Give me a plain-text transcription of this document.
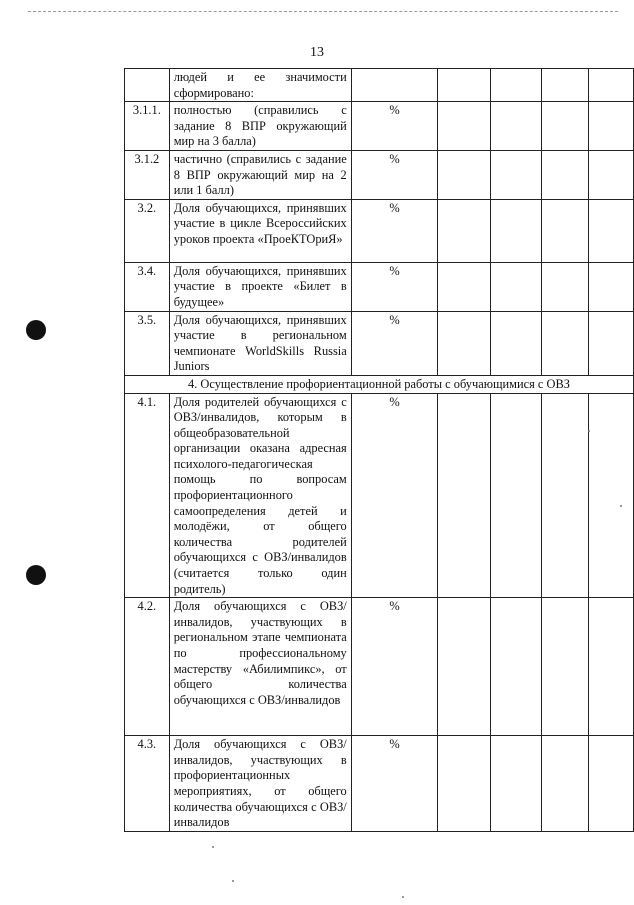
13
	людей и ее значимости сформировано:					
3.1.1.	полностью (справились с задание 8 ВПР окружающий мир на 3 балла)	%				
3.1.2	частично (справились с задание 8 ВПР окружающий мир на 2 или 1 балл)	%				
3.2.	Доля обучающихся, принявших участие в цикле Всероссийских уроков проекта «ПроеКТОриЯ»	%				
3.4.	Доля обучающихся, принявших участие в проекте «Билет в будущее»	%				
3.5.	Доля обучающихся, принявших участие в региональном чемпионате WorldSkills Russia Juniors	%				
4. Осуществление профориентационной работы с обучающимися с ОВЗ						
4.1.	Доля родителей обучающихся с ОВЗ/инвалидов, которым в общеобразовательной организации оказана адресная психолого-педагогическая помощь по вопросам профориентационного самоопределения детей и молодёжи, от общего количества родителей обучающихся с ОВЗ/инвалидов (считается только один родитель)	%				
4.2.	Доля обучающихся с ОВЗ/инвалидов, участвующих в региональном этапе чемпионата по профессиональному мастерству «Абилимпикс», от общего количества обучающихся с ОВЗ/инвалидов	%				
4.3.	Доля обучающихся с ОВЗ/инвалидов, участвующих в профориентационных мероприятиях, от общего количества обучающихся с ОВЗ/инвалидов	%				
